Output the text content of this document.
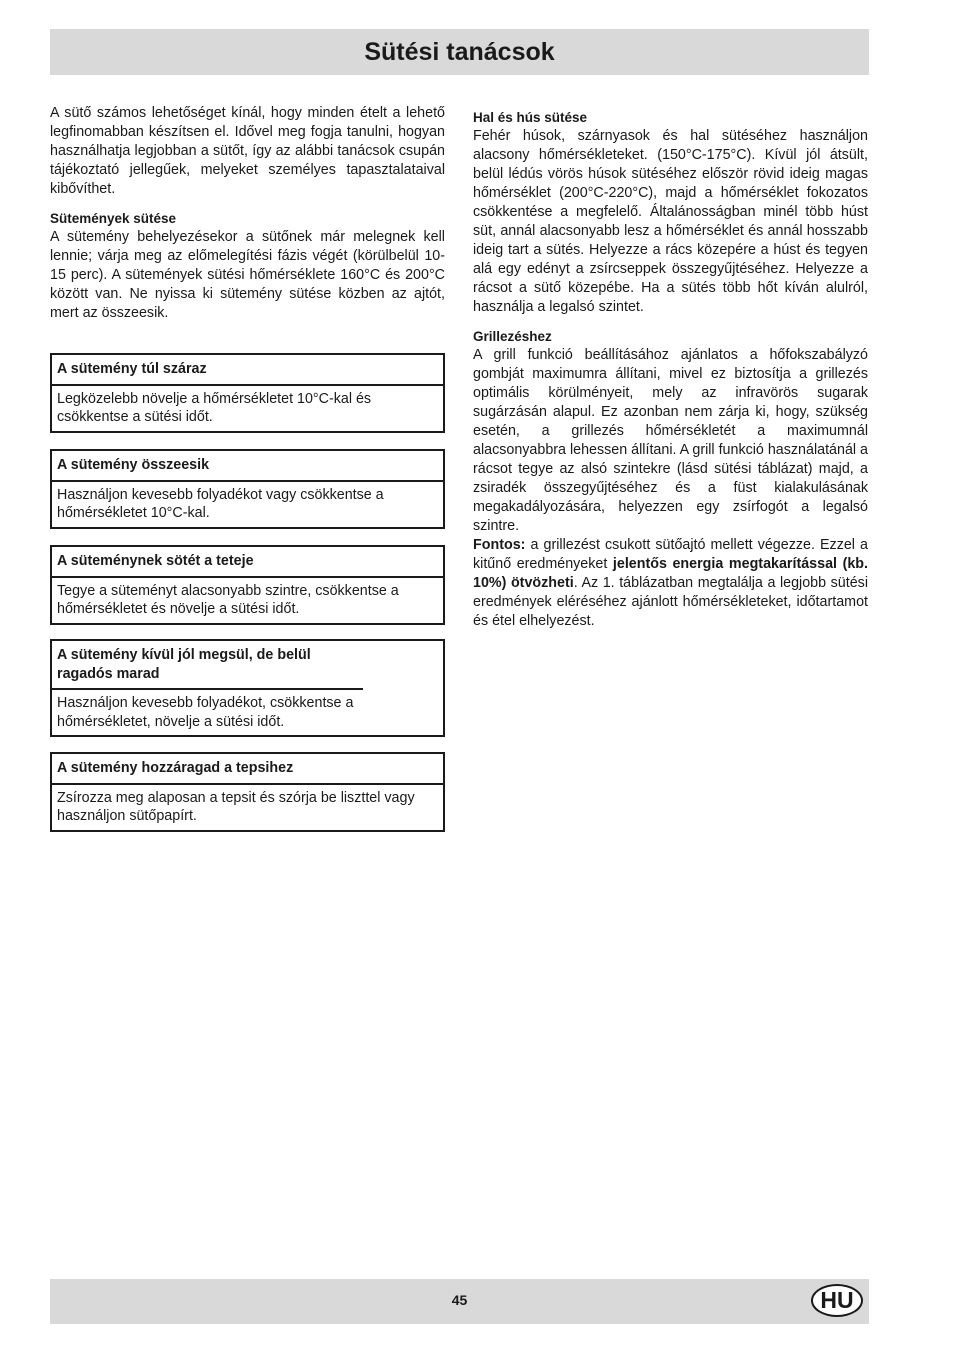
Sütési tanácsok

A sütő számos lehetőséget kínál, hogy minden ételt a lehető legfinomabban készítsen el. Idővel meg fogja tanulni, hogyan használhatja legjobban a sütőt, így az alábbi tanácsok csupán tájékoztató jellegűek, melyeket személyes tapasztalataival kibővíthet.

Sütemények sütése

A sütemény behelyezésekor a sütőnek már melegnek kell lennie; várja meg az előmelegítési fázis végét (körülbelül 10-15 perc). A sütemények sütési hőmérséklete 160°C és 200°C között van. Ne nyissa ki sütemény sütése közben az ajtót, mert az összeesik.

A sütemény túl száraz
Legközelebb növelje a hőmérsékletet 10°C-kal és csökkentse a sütési időt.
A sütemény összeesik
Használjon kevesebb folyadékot vagy csökkentse a hőmérsékletet 10°C-kal.
A süteménynek sötét a teteje
Tegye a süteményt alacsonyabb szintre, csökkentse a hőmérsékletet és növelje a sütési időt.
A sütemény kívül jól megsül, de belül ragadós marad
Használjon kevesebb folyadékot, csökkentse a hőmérsékletet, növelje a sütési időt.
A sütemény hozzáragad a tepsihez
Zsírozza meg alaposan a tepsit és szórja be liszttel vagy használjon sütőpapírt.

Hal és hús sütése

Fehér húsok, szárnyasok és hal sütéséhez használjon alacsony hőmérsékleteket. (150°C-175°C). Kívül jól átsült, belül lédús vörös húsok sütéséhez először rövid ideig magas hőmérséklet (200°C-220°C), majd a hőmérséklet fokozatos csökkentése a megfelelő. Általánosságban minél több húst süt, annál alacsonyabb lesz a hőmérséklet és annál hosszabb ideig tart a sütés. Helyezze a rács közepére a húst és tegyen alá egy edényt a zsírcseppek összegyűjtéséhez. Helyezze a rácsot a sütő közepébe. Ha a sütés több hőt kíván alulról, használja a legalsó szintet.

Grillezéshez

A grill funkció beállításához ajánlatos a hőfokszabályzó gombját maximumra állítani, mivel ez biztosítja a grillezés optimális körülményeit, mely az infravörös sugarak sugárzásán alapul. Ez azonban nem zárja ki, hogy, szükség esetén, a grillezés hőmérsékletét a maximumnál alacsonyabbra lehessen állítani. A grill funkció használatánál a rácsot tegye az alsó szintekre (lásd sütési táblázat) majd, a zsiradék összegyűjtéséhez és a füst kialakulásának megakadályozására, helyezzen egy zsírfogót a legalsó szintre.

Fontos: a grillezést csukott sütőajtó mellett végezze. Ezzel a kitűnő eredményeket jelentős energia megtakarítással (kb. 10%) ötvözheti. Az 1. táblázatban megtalálja a legjobb sütési eredmények eléréséhez ajánlott hőmérsékleteket, időtartamot és étel elhelyezést.

45	HU
